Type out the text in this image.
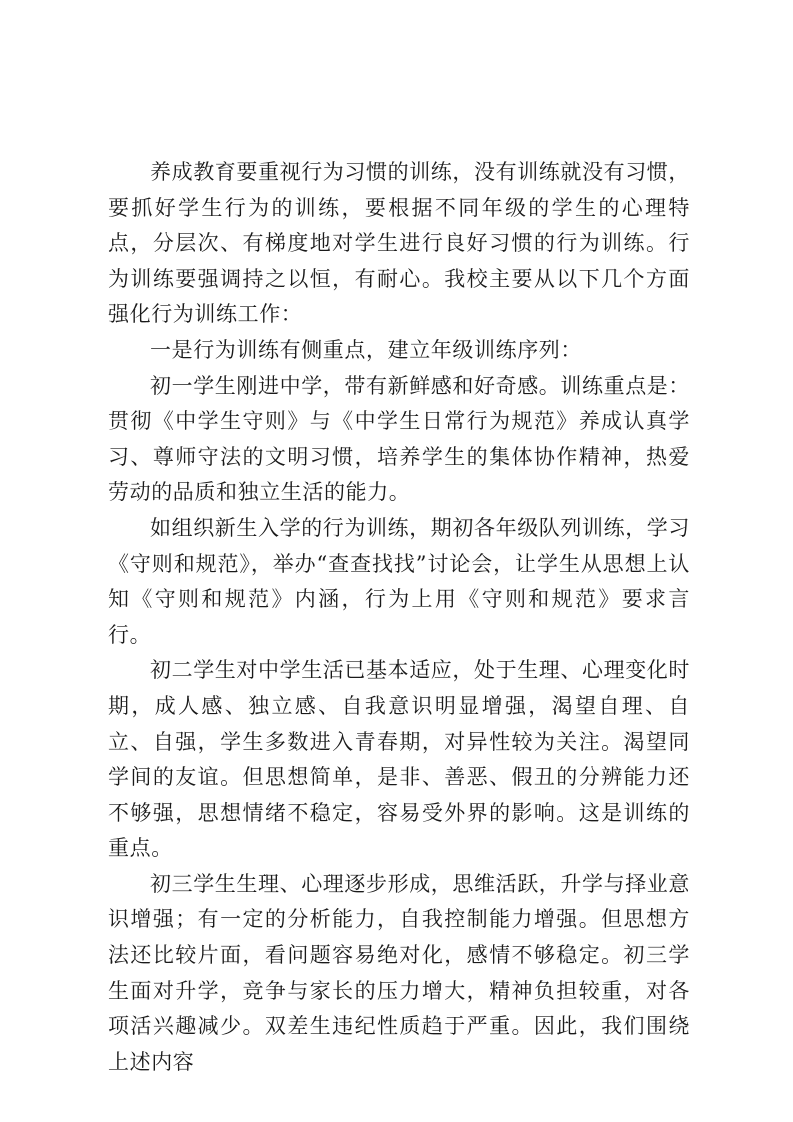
养成教育要重视行为习惯的训练，没有训练就没有习惯，要抓好学生行为的训练，要根据不同年级的学生的心理特点，分层次、有梯度地对学生进行良好习惯的行为训练。行为训练要强调持之以恒，有耐心。我校主要从以下几个方面强化行为训练工作：

一是行为训练有侧重点，建立年级训练序列：

初一学生刚进中学，带有新鲜感和好奇感。训练重点是：贯彻《中学生守则》与《中学生日常行为规范》养成认真学习、尊师守法的文明习惯，培养学生的集体协作精神，热爱劳动的品质和独立生活的能力。

如组织新生入学的行为训练，期初各年级队列训练，学习《守则和规范》，举办“查查找找”讨论会，让学生从思想上认知《守则和规范》内涵，行为上用《守则和规范》要求言行。

初二学生对中学生活已基本适应，处于生理、心理变化时期，成人感、独立感、自我意识明显增强，渴望自理、自立、自强，学生多数进入青春期，对异性较为关注。渴望同学间的友谊。但思想简单，是非、善恶、假丑的分辨能力还不够强，思想情绪不稳定，容易受外界的影响。这是训练的重点。

初三学生生理、心理逐步形成，思维活跃，升学与择业意识增强；有一定的分析能力，自我控制能力增强。但思想方法还比较片面，看问题容易绝对化，感情不够稳定。初三学生面对升学，竞争与家长的压力增大，精神负担较重，对各项活兴趣减少。双差生违纪性质趋于严重。因此，我们围绕上述内容
